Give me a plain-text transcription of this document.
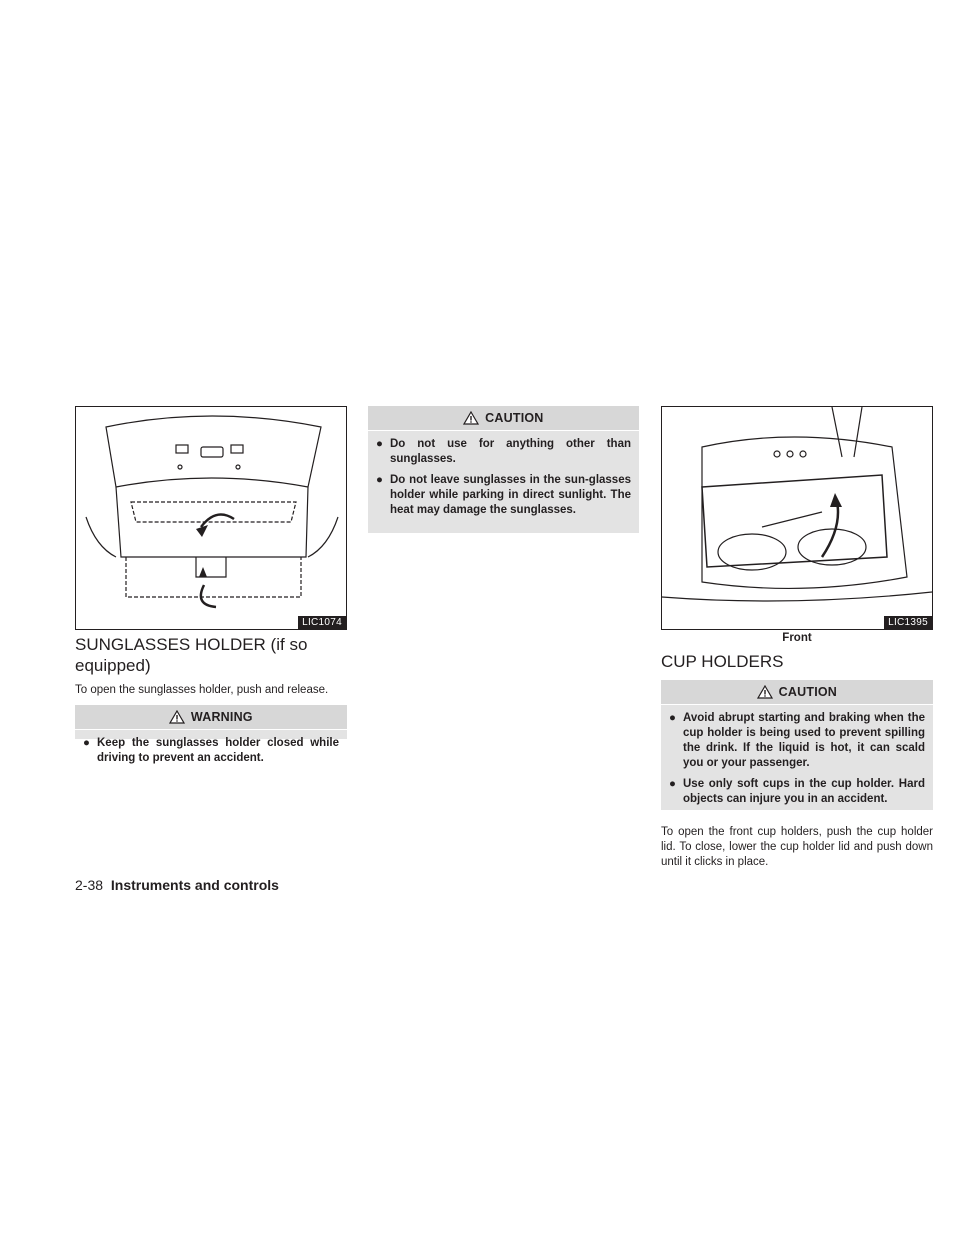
LIC1074
SUNGLASSES HOLDER (if so equipped)

To open the sunglasses holder, push and release.

WARNING
● Keep the sunglasses holder closed while driving to prevent an accident.
CAUTION
● Do not use for anything other than sunglasses.
● Do not leave sunglasses in the sun-glasses holder while parking in direct sunlight. The heat may damage the sunglasses.
LIC1395
Front
CUP HOLDERS
CAUTION
● Avoid abrupt starting and braking when the cup holder is being used to prevent spilling the drink. If the liquid is hot, it can scald you or your passenger.
● Use only soft cups in the cup holder. Hard objects can injure you in an accident.

To open the front cup holders, push the cup holder lid. To close, lower the cup holder lid and push down until it clicks in place.

2-38 Instruments and controls
